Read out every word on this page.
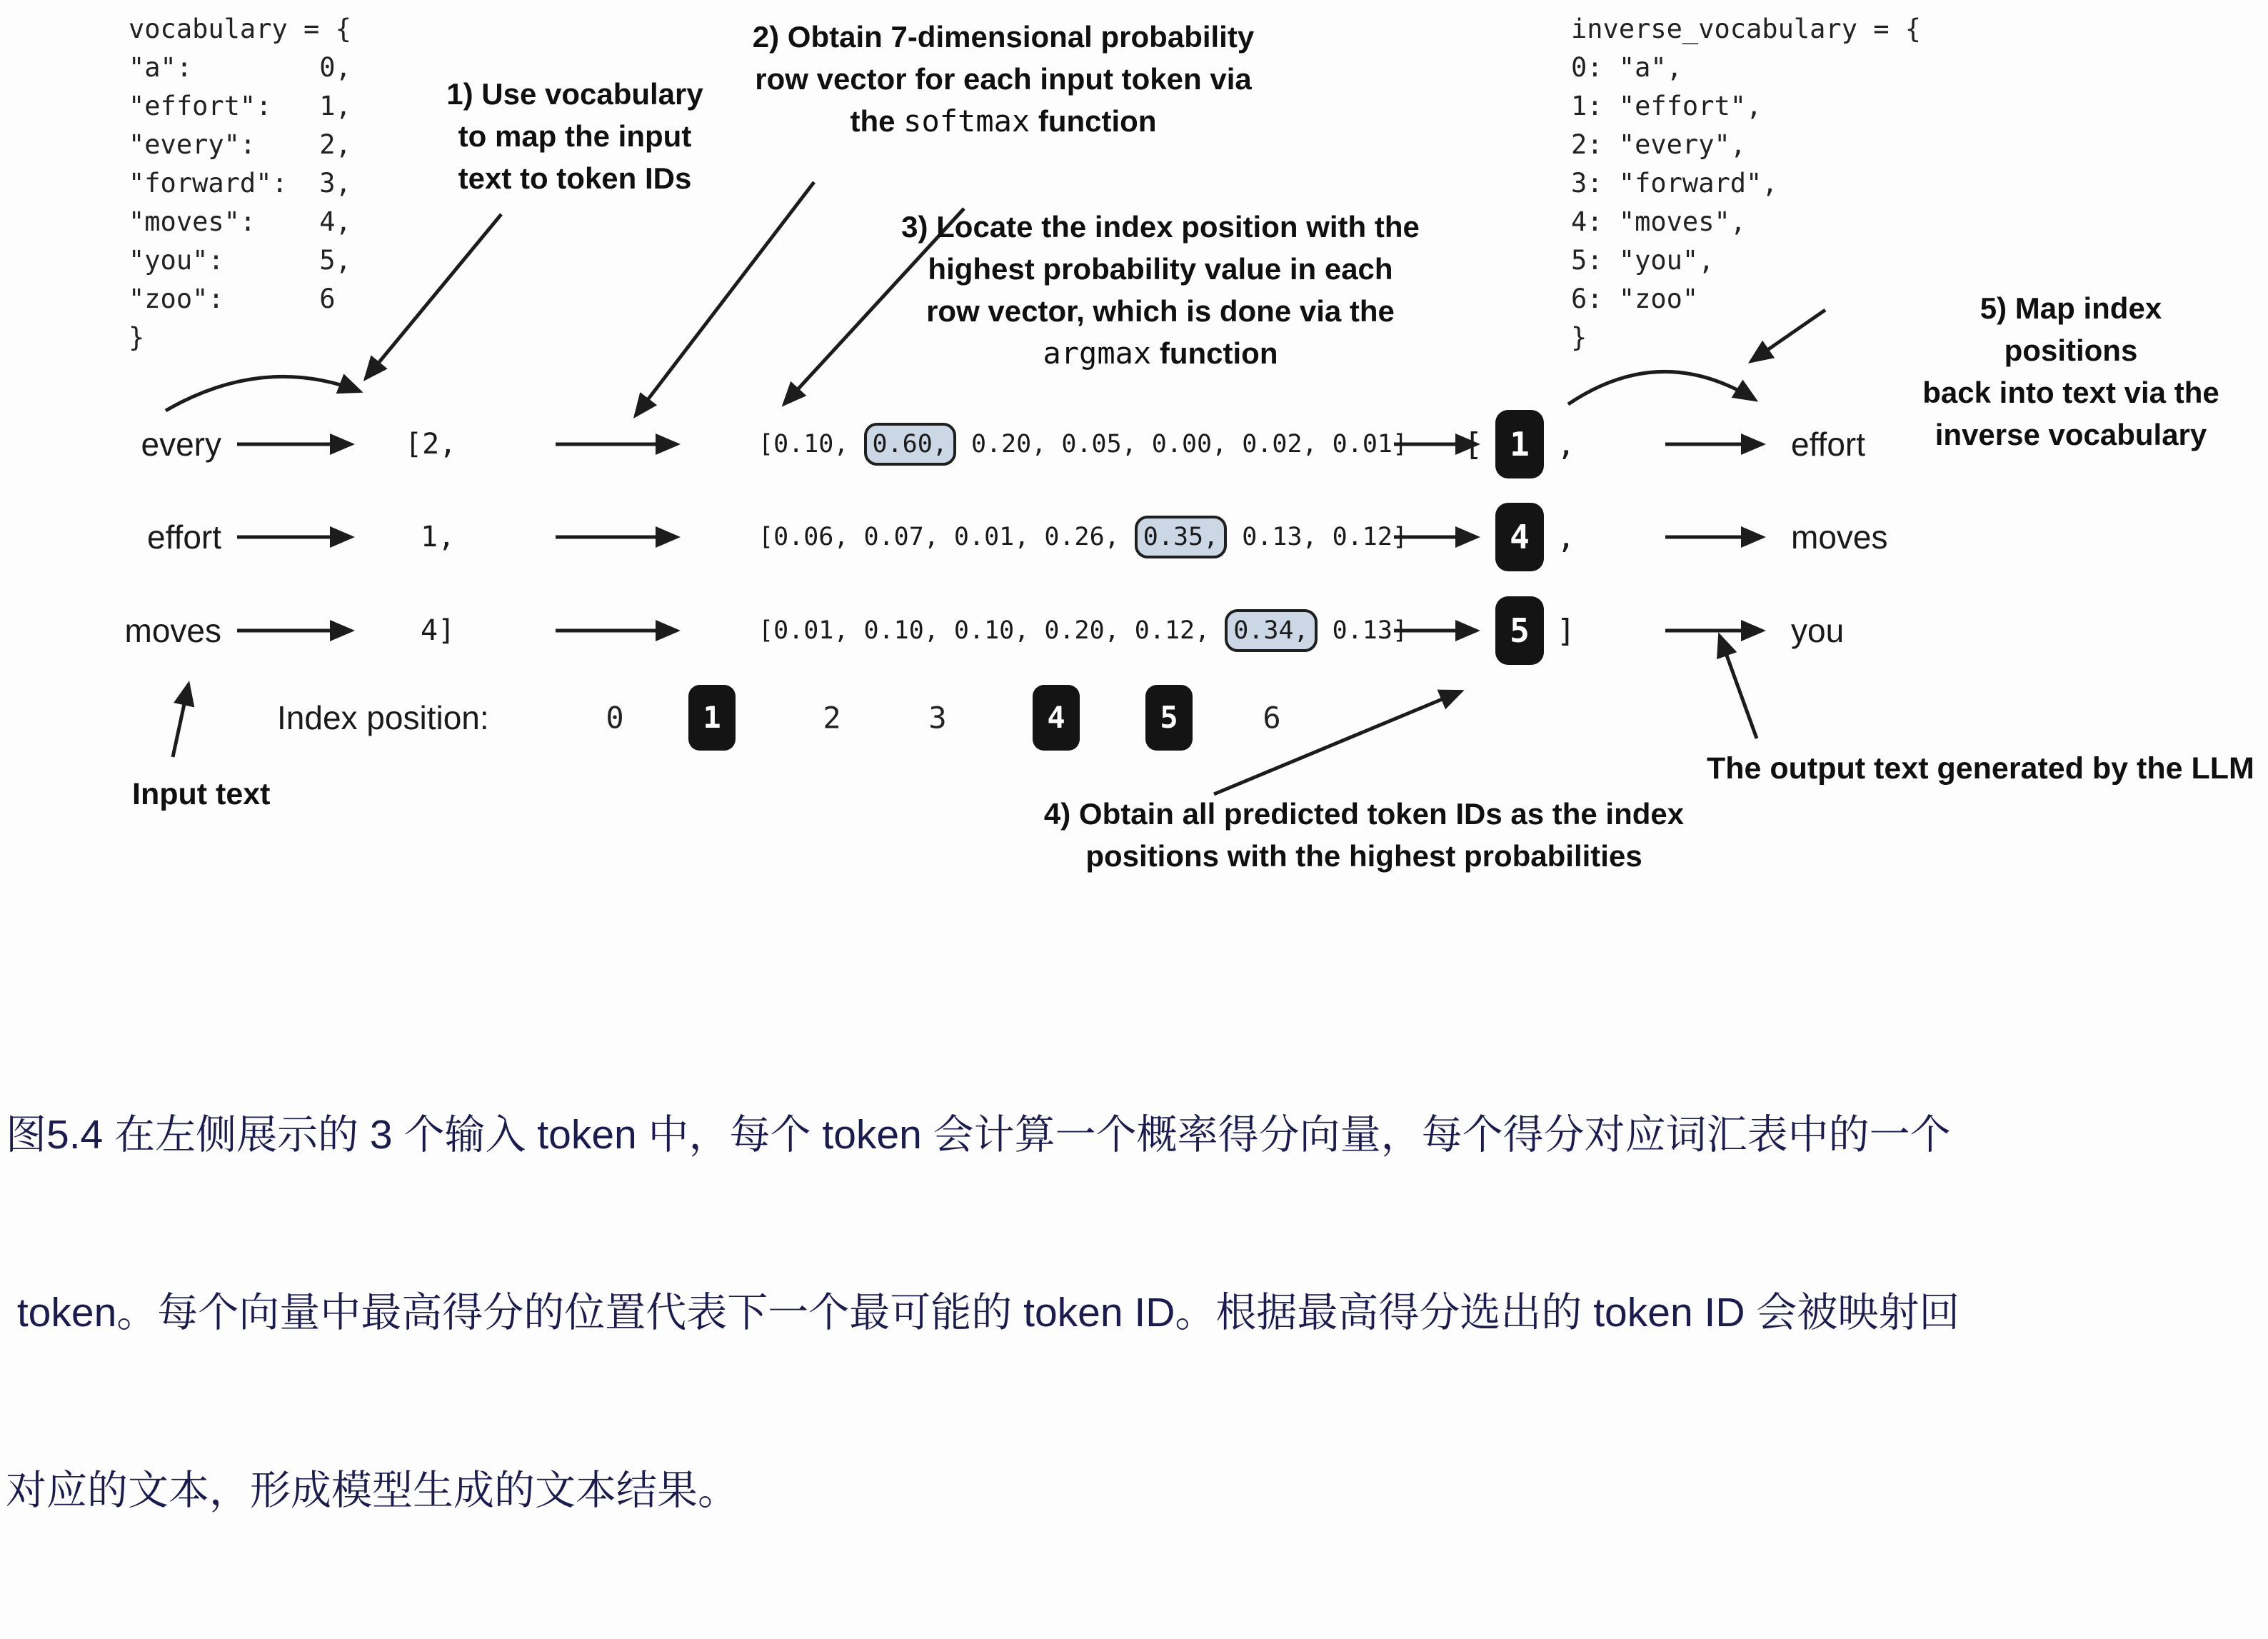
vocabulary = {
"a":        0,
"effort":   1,
"every":    2,
"forward":  3,
"moves":    4,
"you":      5,
"zoo":      6
}
inverse_vocabulary = {
0: "a",
1: "effort",
2: "every",
3: "forward",
4: "moves",
5: "you",
6: "zoo"
}
1) Use vocabulary
to map the input
text to token IDs
2) Obtain 7-dimensional probability
row vector for each input token via
the softmax function
3) Locate the index position with the
highest probability value in each
row vector, which is done via the
argmax function
5) Map index positions
back into text via the
inverse vocabulary
every	[2,	[0.10, 0.60, 0.20, 0.05, 0.00, 0.02, 0.01] [ 1 ,	effort
effort	1,	[0.06, 0.07, 0.01, 0.26, 0.35, 0.13, 0.12]	4 ,	moves
moves	4]	[0.01, 0.10, 0.10, 0.20, 0.12, 0.34, 0.13]	5 ]	you
Index position:	0	1	2	3	4	5	6
Input text
4) Obtain all predicted token IDs as the index
positions with the highest probabilities
The output text generated by the LLM

图5.4 在左侧展示的 3 个输入 token 中，每个 token 会计算一个概率得分向量，每个得分对应词汇表中的一个

token。每个向量中最高得分的位置代表下一个最可能的 token ID。根据最高得分选出的 token ID 会被映射回

对应的文本，形成模型生成的文本结果。
